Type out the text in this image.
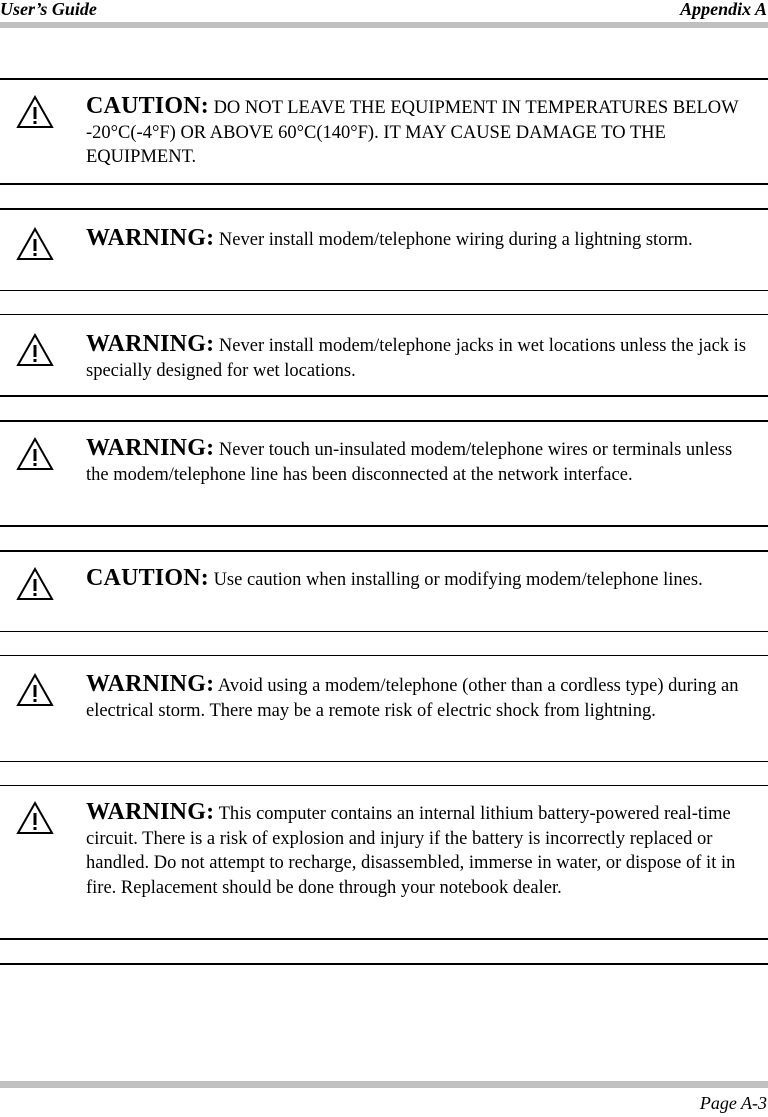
User’s Guide	Appendix A
CAUTION: DO NOT LEAVE THE EQUIPMENT IN TEMPERATURES BELOW -20°C(-4°F) OR ABOVE 60°C(140°F). IT MAY CAUSE DAMAGE TO THE EQUIPMENT.
WARNING: Never install modem/telephone wiring during a lightning storm.
WARNING: Never install modem/telephone jacks in wet locations unless the jack is specially designed for wet locations.
WARNING: Never touch un-insulated modem/telephone wires or terminals unless the modem/telephone line has been disconnected at the network interface.
CAUTION: Use caution when installing or modifying modem/telephone lines.
WARNING: Avoid using a modem/telephone (other than a cordless type) during an electrical storm. There may be a remote risk of electric shock from lightning.
WARNING: This computer contains an internal lithium battery-powered real-time circuit. There is a risk of explosion and injury if the battery is incorrectly replaced or handled. Do not attempt to recharge, disassembled, immerse in water, or dispose of it in fire. Replacement should be done through your notebook dealer.
Page A-3
